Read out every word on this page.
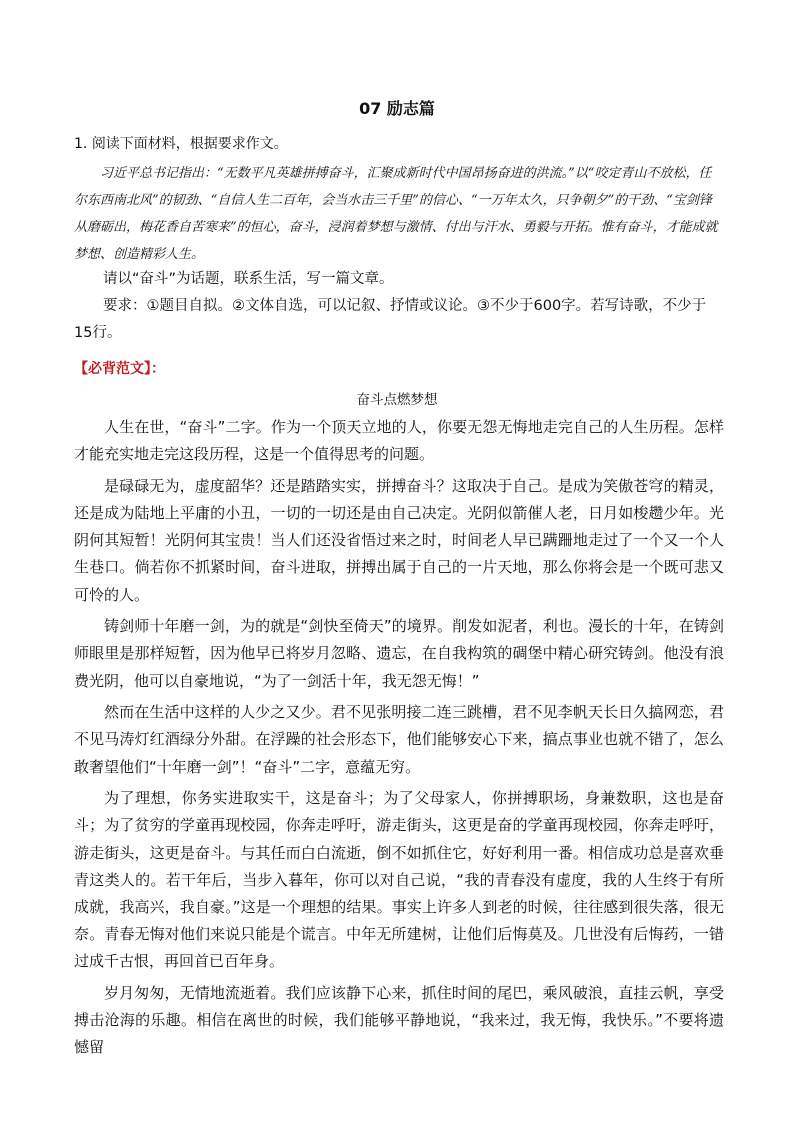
07 励志篇
1. 阅读下面材料，根据要求作文。

习近平总书记指出：“无数平凡英雄拼搏奋斗，汇聚成新时代中国昂扬奋进的洪流。”以“咬定青山不放松，任尔东西南北风”的韧劲、“自信人生二百年，会当水击三千里”的信心、“一万年太久，只争朝夕”的干劲、“宝剑锋从磨砺出，梅花香自苦寒来”的恒心，奋斗，浸润着梦想与激情、付出与汗水、勇毅与开拓。惟有奋斗，才能成就梦想、创造精彩人生。

请以“奋斗”为话题，联系生活，写一篇文章。

要求：①题目自拟。②文体自选，可以记叙、抒情或议论。③不少于600字。若写诗歌，不少于15行。

【必背范文】：
奋斗点燃梦想

人生在世，“奋斗”二字。作为一个顶天立地的人，你要无怨无悔地走完自己的人生历程。怎样才能充实地走完这段历程，这是一个值得思考的问题。

是碌碌无为，虚度韶华？还是踏踏实实，拼搏奋斗？这取决于自己。是成为笑傲苍穹的精灵，还是成为陆地上平庸的小丑，一切的一切还是由自己决定。光阴似箭催人老，日月如梭趱少年。光阴何其短暂！光阴何其宝贵！当人们还没省悟过来之时，时间老人早已蹒跚地走过了一个又一个人生巷口。倘若你不抓紧时间，奋斗进取，拼搏出属于自己的一片天地，那么你将会是一个既可悲又可怜的人。

铸剑师十年磨一剑，为的就是“剑快至倚天”的境界。削发如泥者，利也。漫长的十年，在铸剑师眼里是那样短暂，因为他早已将岁月忽略、遗忘，在自我构筑的碉堡中精心研究铸剑。他没有浪费光阴，他可以自豪地说，“为了一剑活十年，我无怨无悔！”

然而在生活中这样的人少之又少。君不见张明接二连三跳槽，君不见李帆天长日久搞网恋，君不见马涛灯红酒绿分外甜。在浮躁的社会形态下，他们能够安心下来，搞点事业也就不错了，怎么敢奢望他们“十年磨一剑”！“奋斗”二字，意蕴无穷。

为了理想，你务实进取实干，这是奋斗；为了父母家人，你拼搏职场，身兼数职，这也是奋斗；为了贫穷的学童再现校园，你奔走呼吁，游走街头，这更是奋的学童再现校园，你奔走呼吁，游走街头，这更是奋斗。与其任而白白流逝，倒不如抓住它，好好利用一番。相信成功总是喜欢垂青这类人的。若干年后，当步入暮年，你可以对自己说，“我的青春没有虚度，我的人生终于有所成就，我高兴，我自豪。”这是一个理想的结果。事实上许多人到老的时候，往往感到很失落，很无奈。青春无悔对他们来说只能是个谎言。中年无所建树，让他们后悔莫及。几世没有后悔药，一错过成千古恨，再回首已百年身。

岁月匆匆，无情地流逝着。我们应该静下心来，抓住时间的尾巴，乘风破浪，直挂云帆，享受搏击沧海的乐趣。相信在离世的时候，我们能够平静地说，“我来过，我无悔，我快乐。”不要将遗憾留
